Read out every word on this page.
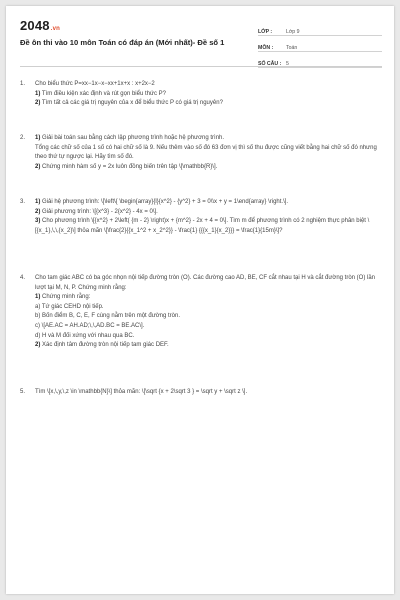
2048.vn
Đề ôn thi vào 10 môn Toán có đáp án (Mới nhất)- Đề số 1
LỚP :	Lớp 9
MÔN :	Toán
SỐ CÂU : 5
1.	Cho biểu thức P=xx−1x−x−xx+1x+x : x+2x−2
1) Tìm điều kiện xác định và rút gọn biểu thức P?
2) Tìm tất cả các giá trị nguyên của x để biểu thức P có giá trị nguyên?
2.	1) Giải bài toán sau bằng cách lập phương trình hoặc hệ phương trình.
Tổng các chữ số của 1 số có hai chữ số là 9. Nếu thêm vào số đó 63 đơn vị thì số thu được cũng viết bằng hai chữ số đó nhưng theo thứ tự ngược lại. Hãy tìm số đó.
2) Chứng minh hàm số y = 2x luôn đồng biến trên tập \[\mathbb{R}\].
3.	1) Giải hệ phương trình: \[\left\{ \begin{array}{l}{x^2} - {y^2} + 3 = 0\\x + y = 1\end{array} \right.\].
2) Giải phương trình: \[{x^3} - 2{x^2} - 4x = 0\].
3) Cho phương trình \[{x^2} + 2\left( {m - 2} \right)x + {m^2} - 2x + 4 = 0\]. Tìm m để phương trình có 2 nghiệm thực phân biệt \[{x_1},\,\,{x_2}\] thỏa mãn \[\frac{2}{{x_1^2 + x_2^2}} - \frac{1} {{{x_1}{x_2}}} = \frac{1}{15m}\]?
4.	Cho tam giác ABC có ba góc nhọn nội tiếp đường tròn (O). Các đường cao AD, BE, CF cắt nhau tại H và cắt đường tròn (O) lần lượt tại M, N, P. Chứng minh rằng:
1) Chứng minh rằng:
a) Tứ giác CEHD nội tiếp.
b) Bốn điểm B, C, E, F cùng nằm trên một đường tròn.
c) \[AE.AC = AH.AD;\,\,AD.BC = BE.AC\].
d) H và M đối xứng với nhau qua BC.
2) Xác định tâm đường tròn nội tiếp tam giác DEF.
5.	Tìm \[x,\,y,\,z \in \mathbb{N}\] thỏa mãn: \[\sqrt {x + 2\sqrt 3 } = \sqrt y + \sqrt z \].
